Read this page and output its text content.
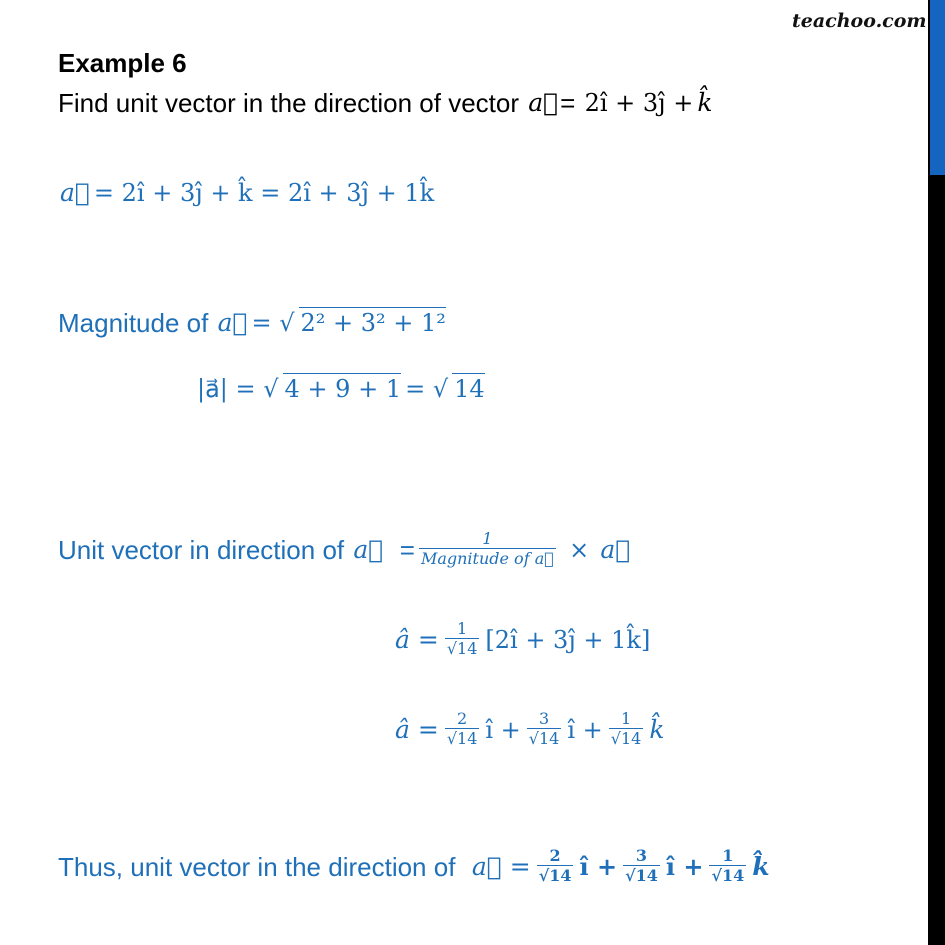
teachoo.com
Example 6
Find unit vector in the direction of vector
a⃗ =
2î + 3ĵ + k̂
a⃗ = 2î + 3ĵ + k̂ = 2î + 3ĵ + 1k̂
Magnitude of
a⃗ = √ 2² + 3² + 1²
|a⃗| = √ 4 + 9 + 1 = √ 14
Unit vector in direction of
a⃗
= $\frac{1}{\text{Magnitude of a⃗}}$
×
a⃗
â = $\frac{1}{√14}$ [2î + 3ĵ + 1k̂]
â = $\frac{2}{√14}$ î + $\frac{3}{√14}$ î + $\frac{1}{√14}$ k̂
Thus, unit vector in the direction of
a⃗ = $\frac{2}{√14}$ î + $\frac{3}{√14}$ î + $\frac{1}{√14}$ k̂
